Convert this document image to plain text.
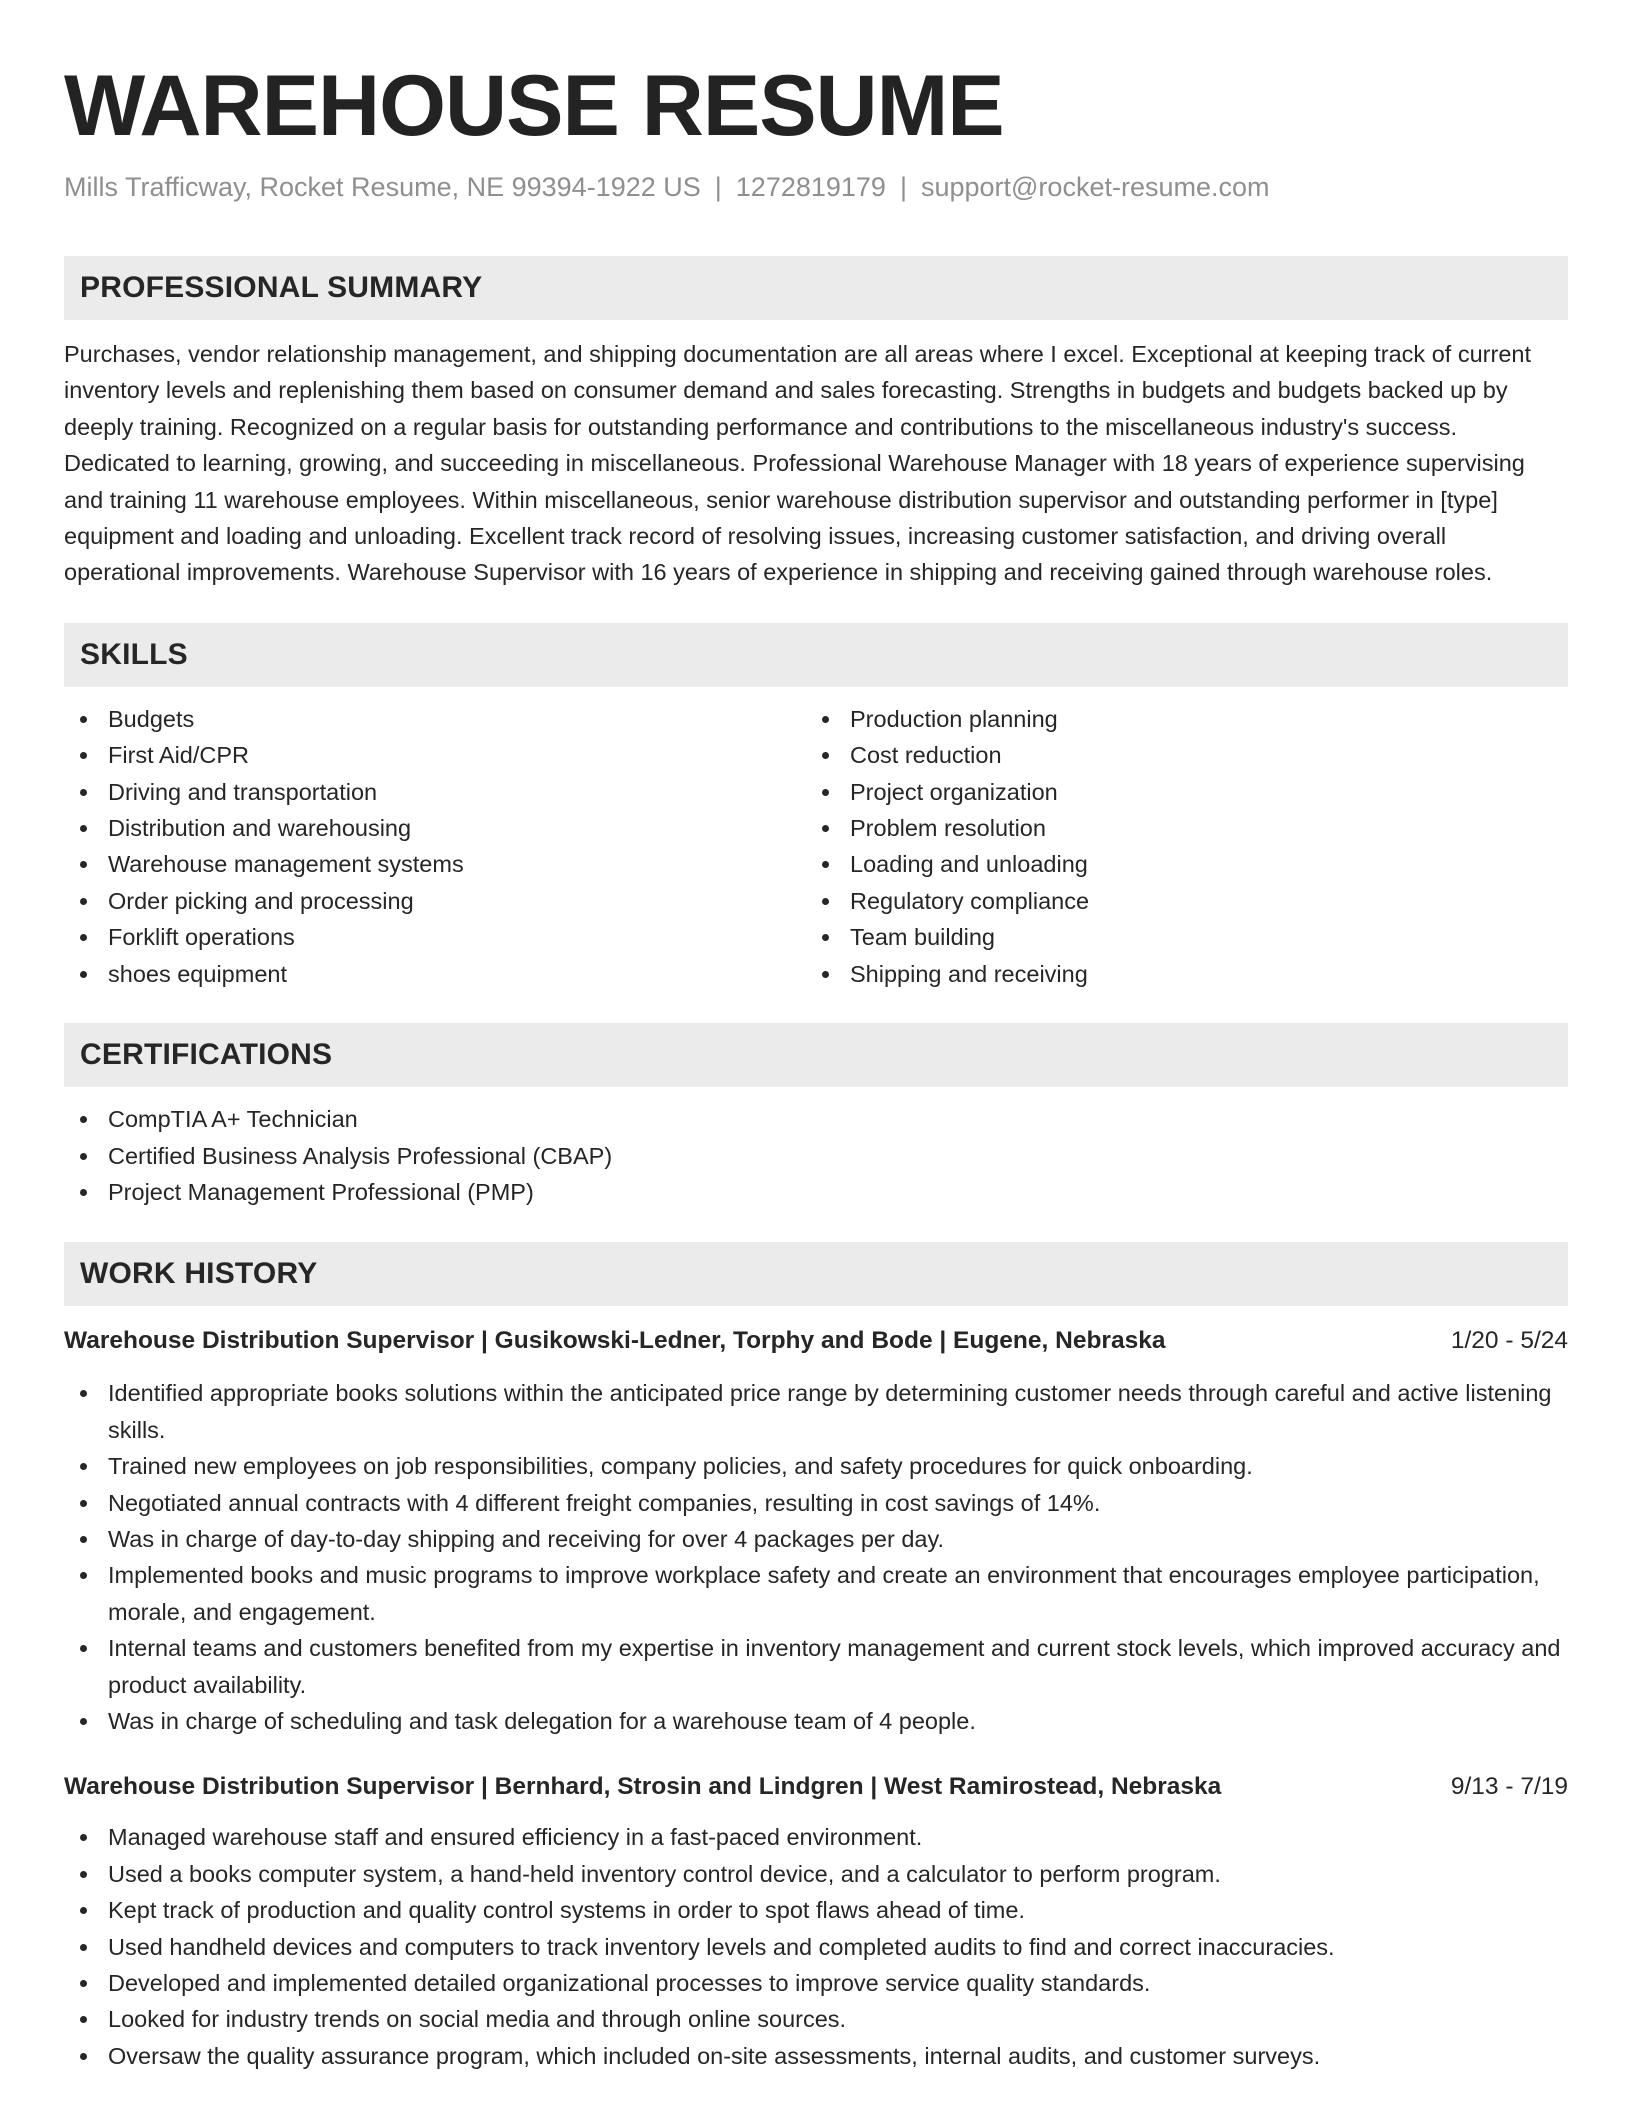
WAREHOUSE RESUME
Mills Trafficway, Rocket Resume, NE 99394-1922 US | 1272819179 | support@rocket-resume.com
PROFESSIONAL SUMMARY

Purchases, vendor relationship management, and shipping documentation are all areas where I excel. Exceptional at keeping track of current inventory levels and replenishing them based on consumer demand and sales forecasting. Strengths in budgets and budgets backed up by deeply training. Recognized on a regular basis for outstanding performance and contributions to the miscellaneous industry's success. Dedicated to learning, growing, and succeeding in miscellaneous. Professional Warehouse Manager with 18 years of experience supervising and training 11 warehouse employees. Within miscellaneous, senior warehouse distribution supervisor and outstanding performer in [type] equipment and loading and unloading. Excellent track record of resolving issues, increasing customer satisfaction, and driving overall operational improvements. Warehouse Supervisor with 16 years of experience in shipping and receiving gained through warehouse roles.

SKILLS
Budgets
First Aid/CPR
Driving and transportation
Distribution and warehousing
Warehouse management systems
Order picking and processing
Forklift operations
shoes equipment
Production planning
Cost reduction
Project organization
Problem resolution
Loading and unloading
Regulatory compliance
Team building
Shipping and receiving
CERTIFICATIONS
CompTIA A+ Technician
Certified Business Analysis Professional (CBAP)
Project Management Professional (PMP)
WORK HISTORY
Warehouse Distribution Supervisor | Gusikowski-Ledner, Torphy and Bode | Eugene, Nebraska	1/20 - 5/24
Identified appropriate books solutions within the anticipated price range by determining customer needs through careful and active listening skills.
Trained new employees on job responsibilities, company policies, and safety procedures for quick onboarding.
Negotiated annual contracts with 4 different freight companies, resulting in cost savings of 14%.
Was in charge of day-to-day shipping and receiving for over 4 packages per day.
Implemented books and music programs to improve workplace safety and create an environment that encourages employee participation, morale, and engagement.
Internal teams and customers benefited from my expertise in inventory management and current stock levels, which improved accuracy and product availability.
Was in charge of scheduling and task delegation for a warehouse team of 4 people.
Warehouse Distribution Supervisor | Bernhard, Strosin and Lindgren | West Ramirostead, Nebraska	9/13 - 7/19
Managed warehouse staff and ensured efficiency in a fast-paced environment.
Used a books computer system, a hand-held inventory control device, and a calculator to perform program.
Kept track of production and quality control systems in order to spot flaws ahead of time.
Used handheld devices and computers to track inventory levels and completed audits to find and correct inaccuracies.
Developed and implemented detailed organizational processes to improve service quality standards.
Looked for industry trends on social media and through online sources.
Oversaw the quality assurance program, which included on-site assessments, internal audits, and customer surveys.
